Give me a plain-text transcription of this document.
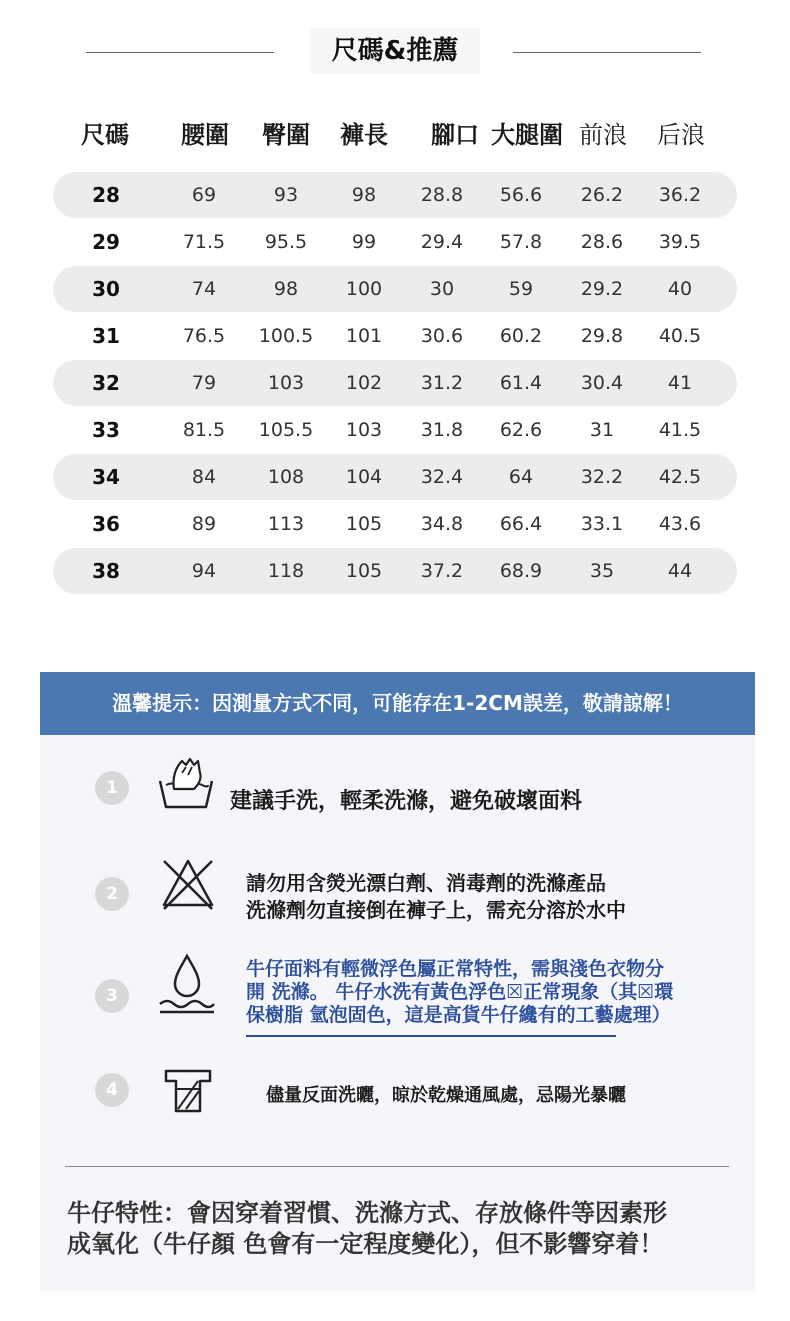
尺碼&推薦
尺碼 腰圍 臀圍 褲長 腳口 大腿圍 前浪 后浪
28	69	93	98 28.8 56.6 26.2 36.2
29	71.5 95.5 99 29.4 57.8 28.6 39.5
30	74	98	100	30	59	29.2 40
31	76.5 100.5 101 30.6 60.2 29.8 40.5
32	79	103 102 31.2 61.4 30.4 41
33	81.5 105.5 103 31.8 62.6	31 41.5
34	84	108 104 32.4 64	32.2 42.5
36	89	113 105 34.8 66.4 33.1 43.6
38	94	118 105 37.2 68.9	35	44
溫馨提示：因測量方式不同，可能存在1-2CM誤差，敬請諒解！
1
建議手洗，輕柔洗滌，避免破壞面料
2	請勿用含熒光漂白劑、消毒劑的洗滌產品
洗滌劑勿直接倒在褲子上，需充分溶於水中
3
牛仔面料有輕微浮色屬正常特性，需與淺色衣物分
開 洗滌。 牛仔水洗有黃色浮色☒正常現象（其☒環
保樹脂 氫泡固色，這是高貨牛仔纔有的工藝處理）
4	儘量反面洗曬，晾於乾燥通風處，忌陽光暴曬
牛仔特性：會因穿着習慣、洗滌方式、存放條件等因素形
成氧化（牛仔顏 色會有一定程度變化），但不影響穿着！
